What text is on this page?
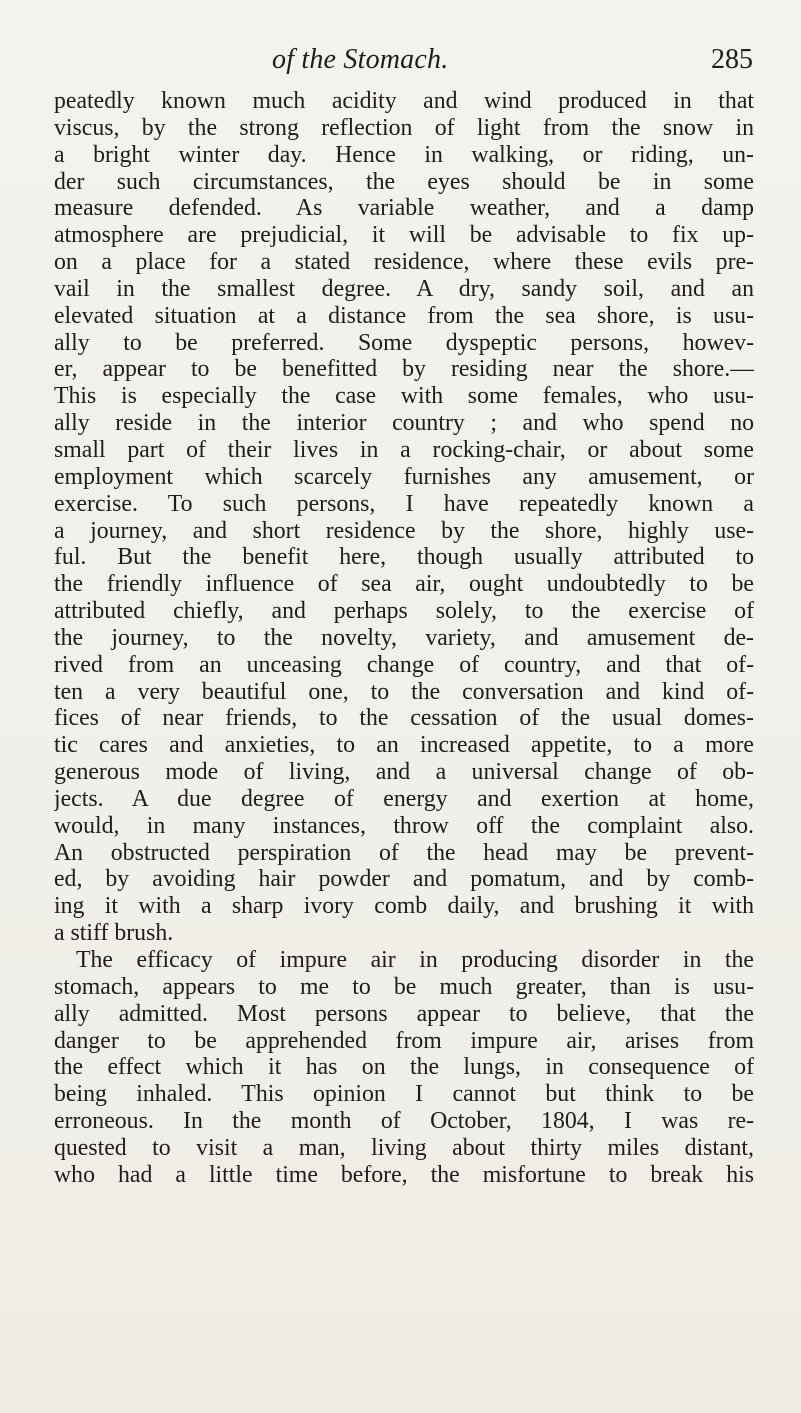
of the Stomach.	285
peatedly known much acidity and wind produced in that
viscus, by the strong reflection of light from the snow in
a bright winter day. Hence in walking, or riding, un-
der such circumstances, the eyes should be in some
measure defended. As variable weather, and a damp
atmosphere are prejudicial, it will be advisable to fix up-
on a place for a stated residence, where these evils pre-
vail in the smallest degree. A dry, sandy soil, and an
elevated situation at a distance from the sea shore, is usu-
ally to be preferred. Some dyspeptic persons, howev-
er, appear to be benefitted by residing near the shore.—
This is especially the case with some females, who usu-
ally reside in the interior country ; and who spend no
small part of their lives in a rocking-chair, or about some
employment which scarcely furnishes any amusement, or
exercise. To such persons, I have repeatedly known a
a journey, and short residence by the shore, highly use-
ful. But the benefit here, though usually attributed to
the friendly influence of sea air, ought undoubtedly to be
attributed chiefly, and perhaps solely, to the exercise of
the journey, to the novelty, variety, and amusement de-
rived from an unceasing change of country, and that of-
ten a very beautiful one, to the conversation and kind of-
fices of near friends, to the cessation of the usual domes-
tic cares and anxieties, to an increased appetite, to a more
generous mode of living, and a universal change of ob-
jects. A due degree of energy and exertion at home,
would, in many instances, throw off the complaint also.
An obstructed perspiration of the head may be prevent-
ed, by avoiding hair powder and pomatum, and by comb-
ing it with a sharp ivory comb daily, and brushing it with
a stiff brush.
The efficacy of impure air in producing disorder in the
stomach, appears to me to be much greater, than is usu-
ally admitted. Most persons appear to believe, that the
danger to be apprehended from impure air, arises from
the effect which it has on the lungs, in consequence of
being inhaled. This opinion I cannot but think to be
erroneous. In the month of October, 1804, I was re-
quested to visit a man, living about thirty miles distant,
who had a little time before, the misfortune to break his
